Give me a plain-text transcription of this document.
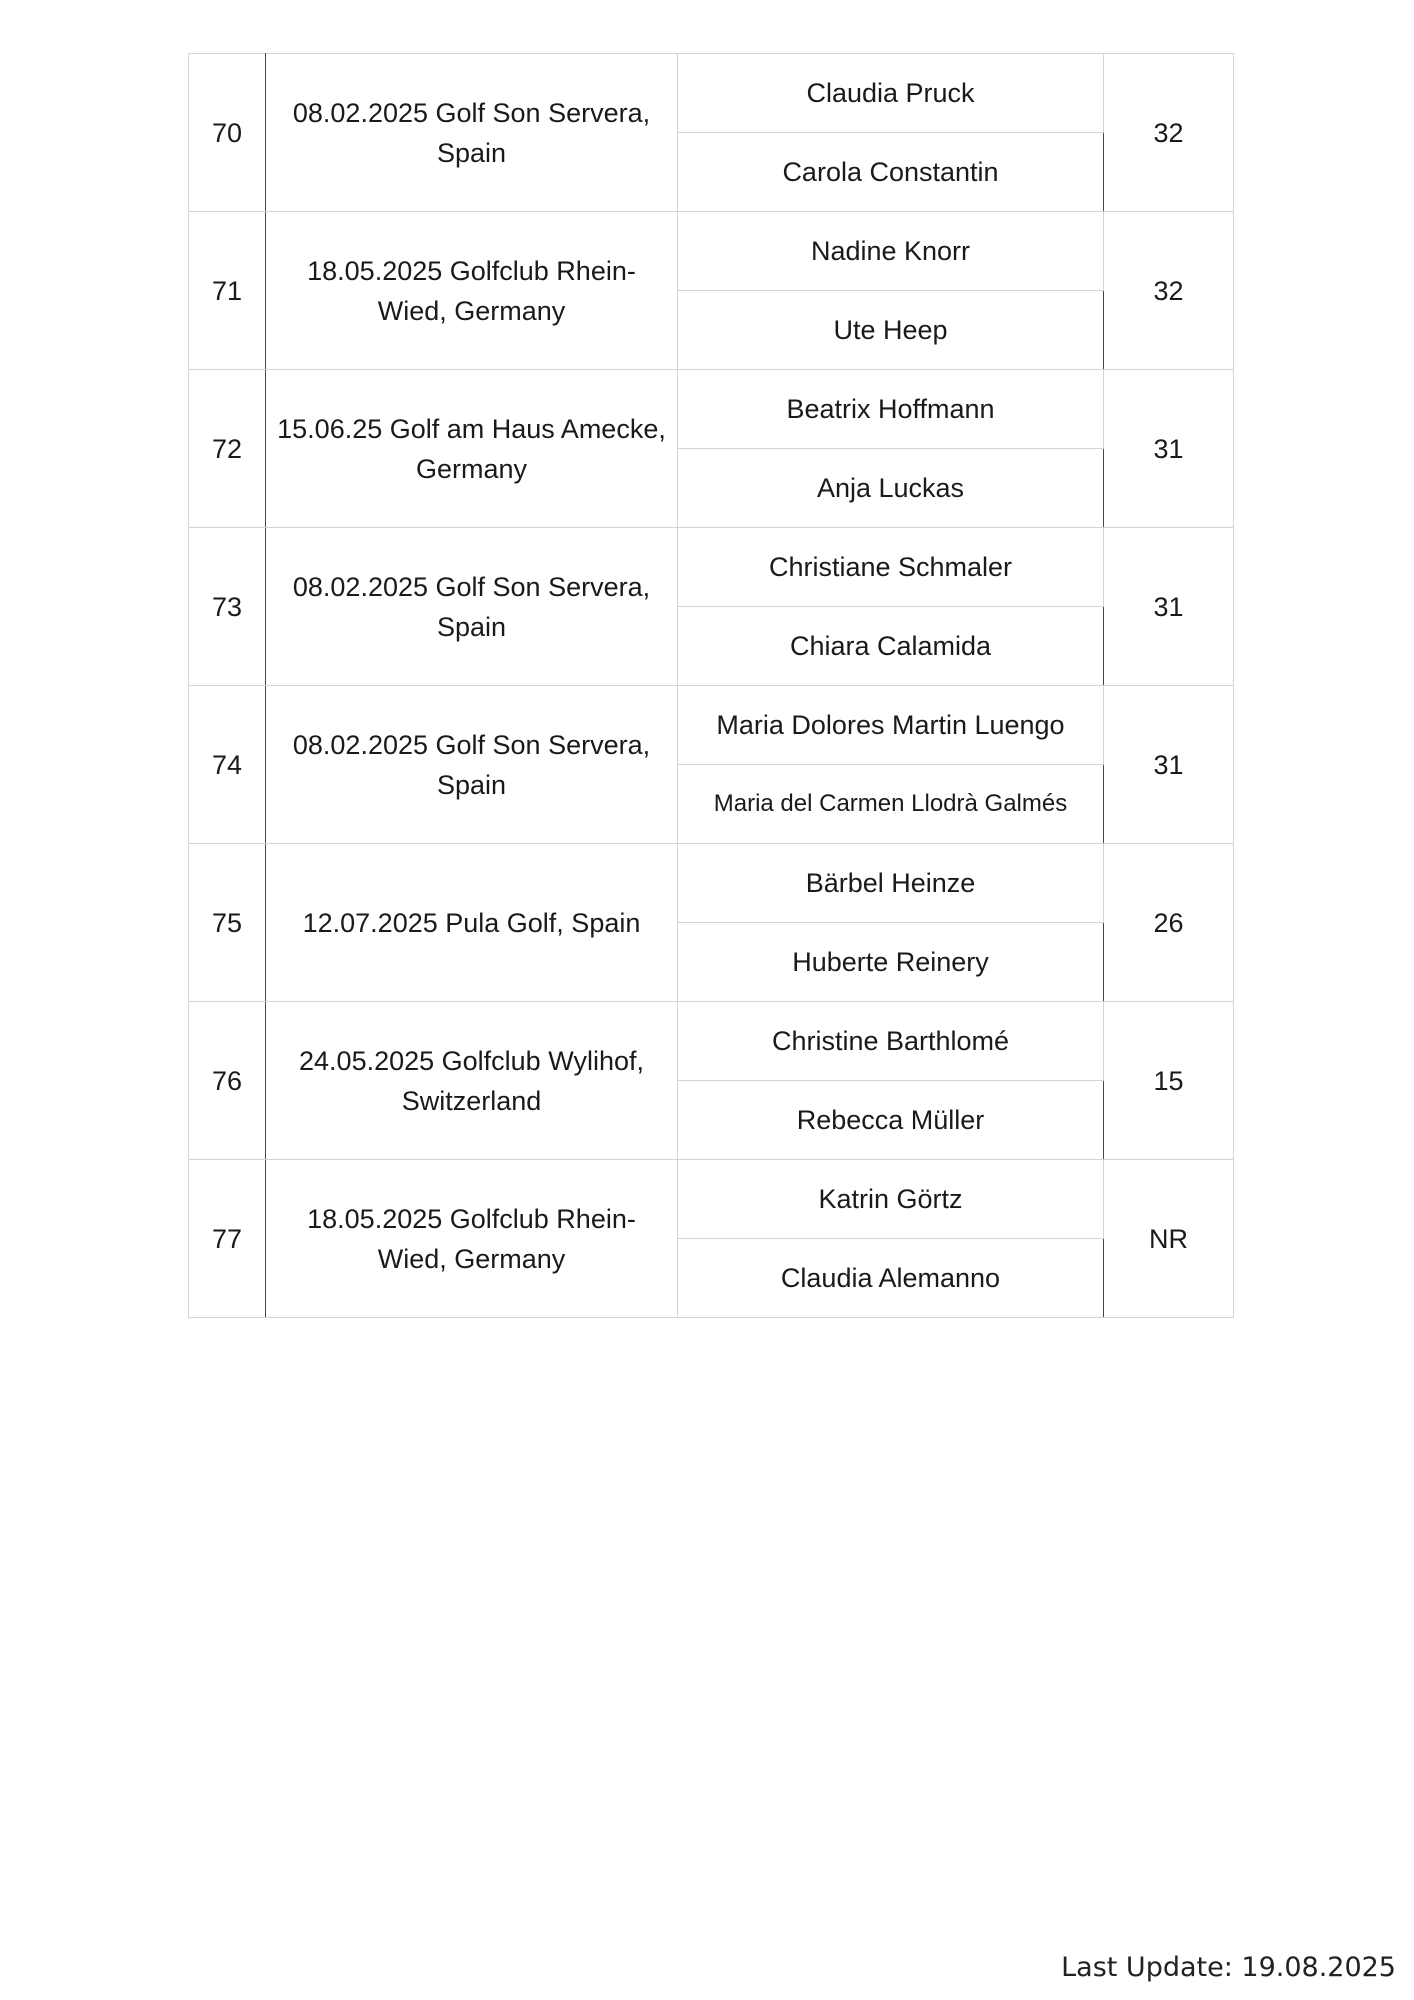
70	08.02.2025 Golf Son Servera, Spain	Claudia Pruck	32
		Carola Constantin	
71	18.05.2025 Golfclub Rhein-Wied, Germany	Nadine Knorr	32
		Ute Heep	
72	15.06.25 Golf am Haus Amecke, Germany	Beatrix Hoffmann	31
		Anja Luckas	
73	08.02.2025 Golf Son Servera, Spain	Christiane Schmaler	31
		Chiara Calamida	
74	08.02.2025 Golf Son Servera, Spain	Maria Dolores Martin Luengo	31
		Maria del Carmen Llodrà Galmés	
75	12.07.2025 Pula Golf, Spain	Bärbel Heinze	26
		Huberte Reinery	
76	24.05.2025 Golfclub Wylihof, Switzerland	Christine Barthlomé	15
		Rebecca Müller	
77	18.05.2025 Golfclub Rhein-Wied, Germany	Katrin Görtz	NR
		Claudia Alemanno	
Last Update: 19.08.2025
